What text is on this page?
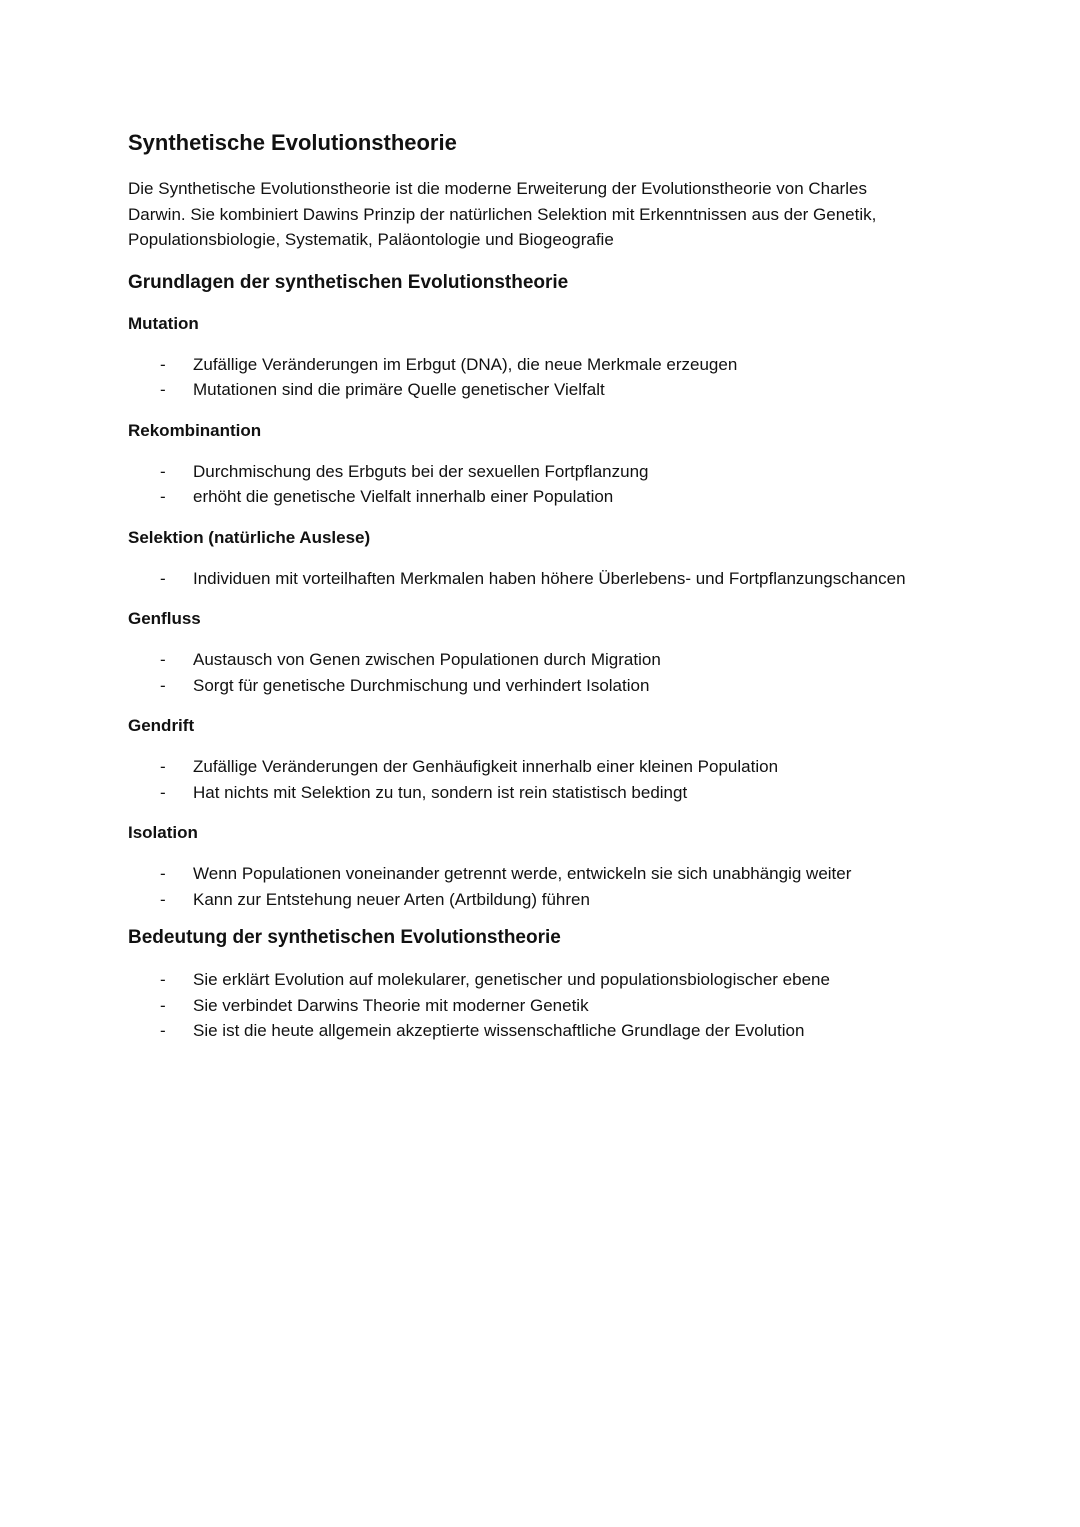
Synthetische Evolutionstheorie

Die Synthetische Evolutionstheorie ist die moderne Erweiterung der Evolutionstheorie von Charles Darwin. Sie kombiniert Dawins Prinzip der natürlichen Selektion mit Erkenntnissen aus der Genetik, Populationsbiologie, Systematik, Paläontologie und Biogeografie

Grundlagen der synthetischen Evolutionstheorie
Mutation
- Zufällige Veränderungen im Erbgut (DNA), die neue Merkmale erzeugen
- Mutationen sind die primäre Quelle genetischer Vielfalt
Rekombinantion
- Durchmischung des Erbguts bei der sexuellen Fortpflanzung
- erhöht die genetische Vielfalt innerhalb einer Population
Selektion (natürliche Auslese)
- Individuen mit vorteilhaften Merkmalen haben höhere Überlebens- und Fortpflanzungschancen
Genfluss
- Austausch von Genen zwischen Populationen durch Migration
- Sorgt für genetische Durchmischung und verhindert Isolation
Gendrift
- Zufällige Veränderungen der Genhäufigkeit innerhalb einer kleinen Population
- Hat nichts mit Selektion zu tun, sondern ist rein statistisch bedingt
Isolation
- Wenn Populationen voneinander getrennt werde, entwickeln sie sich unabhängig weiter
- Kann zur Entstehung neuer Arten (Artbildung) führen
Bedeutung der synthetischen Evolutionstheorie
- Sie erklärt Evolution auf molekularer, genetischer und populationsbiologischer ebene
- Sie verbindet Darwins Theorie mit moderner Genetik
- Sie ist die heute allgemein akzeptierte wissenschaftliche Grundlage der Evolution
